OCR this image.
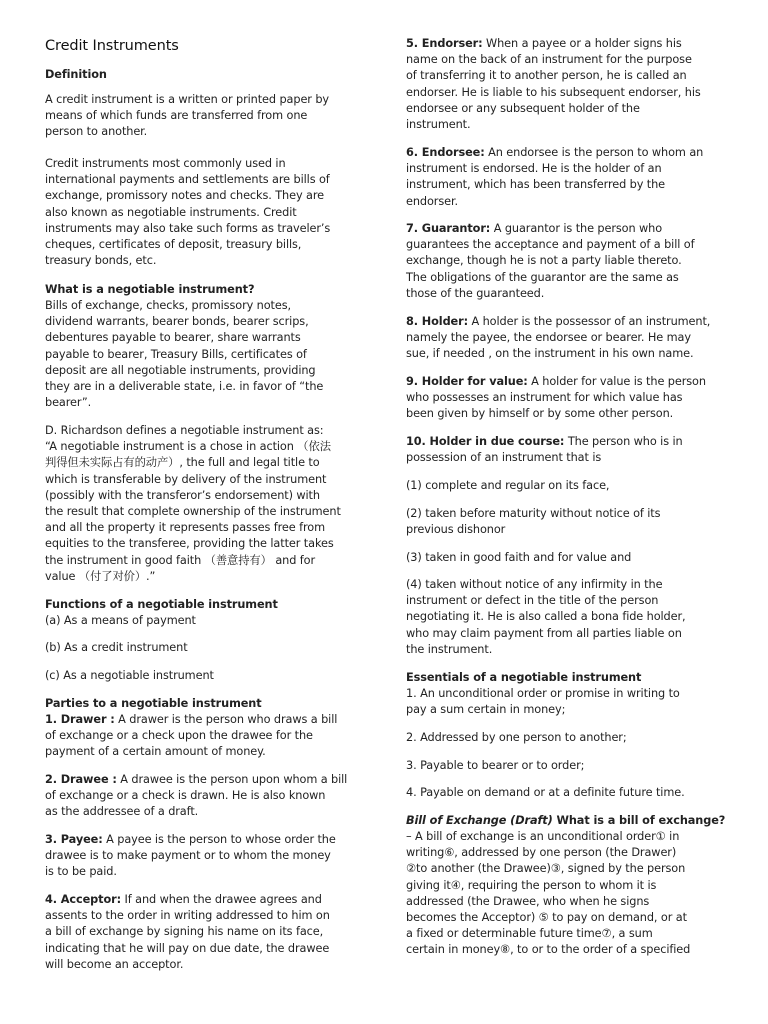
Credit Instruments
Definition
A credit instrument is a written or printed paper by
means of which funds are transferred from one
person to another.
Credit instruments most commonly used in
international payments and settlements are bills of
exchange, promissory notes and checks. They are
also known as negotiable instruments. Credit
instruments may also take such forms as traveler’s
cheques, certificates of deposit, treasury bills,
treasury bonds, etc.
What is a negotiable instrument?
Bills of exchange, checks, promissory notes,
dividend warrants, bearer bonds, bearer scrips,
debentures payable to bearer, share warrants
payable to bearer, Treasury Bills, certificates of
deposit are all negotiable instruments, providing
they are in a deliverable state, i.e. in favor of “the
bearer”.
D. Richardson defines a negotiable instrument as:
“A negotiable instrument is a chose in action （依法
判得但未实际占有的动产）, the full and legal title to
which is transferable by delivery of the instrument
(possibly with the transferor’s endorsement) with
the result that complete ownership of the instrument
and all the property it represents passes free from
equities to the transferee, providing the latter takes
the instrument in good faith （善意持有） and for
value （付了对价）.”
Functions of a negotiable instrument
(a) As a means of payment
(b) As a credit instrument
(c) As a negotiable instrument
Parties to a negotiable instrument
1. Drawer : A drawer is the person who draws a bill
of exchange or a check upon the drawee for the
payment of a certain amount of money.
2. Drawee : A drawee is the person upon whom a bill
of exchange or a check is drawn. He is also known
as the addressee of a draft.
3. Payee: A payee is the person to whose order the
drawee is to make payment or to whom the money
is to be paid.
4. Acceptor: If and when the drawee agrees and
assents to the order in writing addressed to him on
a bill of exchange by signing his name on its face,
indicating that he will pay on due date, the drawee
will become an acceptor.
5. Endorser: When a payee or a holder signs his
name on the back of an instrument for the purpose
of transferring it to another person, he is called an
endorser. He is liable to his subsequent endorser, his
endorsee or any subsequent holder of the
instrument.
6. Endorsee: An endorsee is the person to whom an
instrument is endorsed. He is the holder of an
instrument, which has been transferred by the
endorser.
7. Guarantor: A guarantor is the person who
guarantees the acceptance and payment of a bill of
exchange, though he is not a party liable thereto.
The obligations of the guarantor are the same as
those of the guaranteed.
8. Holder: A holder is the possessor of an instrument,
namely the payee, the endorsee or bearer. He may
sue, if needed , on the instrument in his own name.
9. Holder for value: A holder for value is the person
who possesses an instrument for which value has
been given by himself or by some other person.
10. Holder in due course: The person who is in
possession of an instrument that is
(1) complete and regular on its face,
(2) taken before maturity without notice of its
previous dishonor
(3) taken in good faith and for value and
(4) taken without notice of any infirmity in the
instrument or defect in the title of the person
negotiating it. He is also called a bona fide holder,
who may claim payment from all parties liable on
the instrument.
Essentials of a negotiable instrument
1. An unconditional order or promise in writing to
pay a sum certain in money;
2. Addressed by one person to another;
3. Payable to bearer or to order;
4. Payable on demand or at a definite future time.
Bill of Exchange (Draft) What is a bill of exchange?
– A bill of exchange is an unconditional order① in
writing⑥, addressed by one person (the Drawer)
②to another (the Drawee)③, signed by the person
giving it④, requiring the person to whom it is
addressed (the Drawee, who when he signs
becomes the Acceptor) ⑤ to pay on demand, or at
a fixed or determinable future time⑦, a sum
certain in money⑧, to or to the order of a specified
